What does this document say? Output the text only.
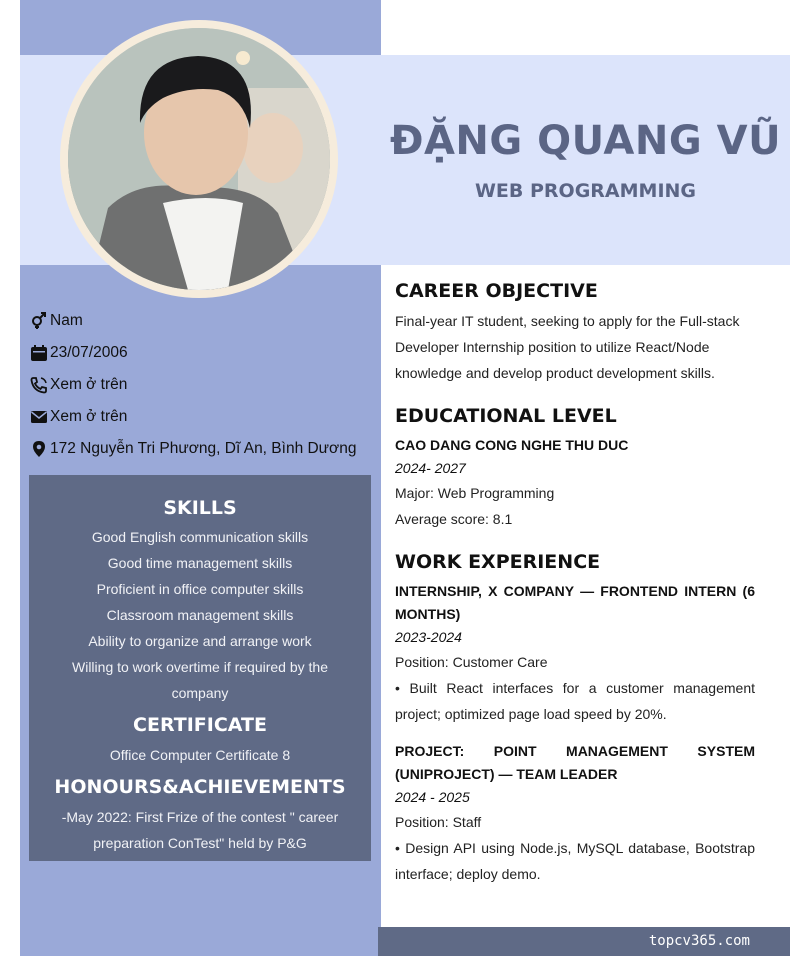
ĐẶNG QUANG VŨ
WEB PROGRAMMING
Nam
23/07/2006
Xem ở trên
Xem ở trên
172 Nguyễn Tri Phương, Dĩ An, Bình Dương
SKILLS
Good English communication skills
Good time management skills
Proficient in office computer skills
Classroom management skills
Ability to organize and arrange work
Willing to work overtime if required by the company
CERTIFICATE
Office Computer Certificate 8
HONOURS&ACHIEVEMENTS
-May 2022: First Frize of the contest " career preparation ConTest" held by P&G
CAREER OBJECTIVE
Final-year IT student, seeking to apply for the Full-stack Developer Internship position to utilize React/Node knowledge and develop product development skills.
EDUCATIONAL LEVEL
CAO DANG CONG NGHE THU DUC
2024- 2027
Major: Web Programming
Average score: 8.1
WORK EXPERIENCE
INTERNSHIP, X COMPANY — FRONTEND INTERN (6 MONTHS)
2023-2024
Position: Customer Care
• Built React interfaces for a customer management project; optimized page load speed by 20%.
PROJECT: POINT MANAGEMENT SYSTEM (UNIPROJECT) — TEAM LEADER
2024 - 2025
Position: Staff
• Design API using Node.js, MySQL database, Bootstrap interface; deploy demo.
topcv365.com
